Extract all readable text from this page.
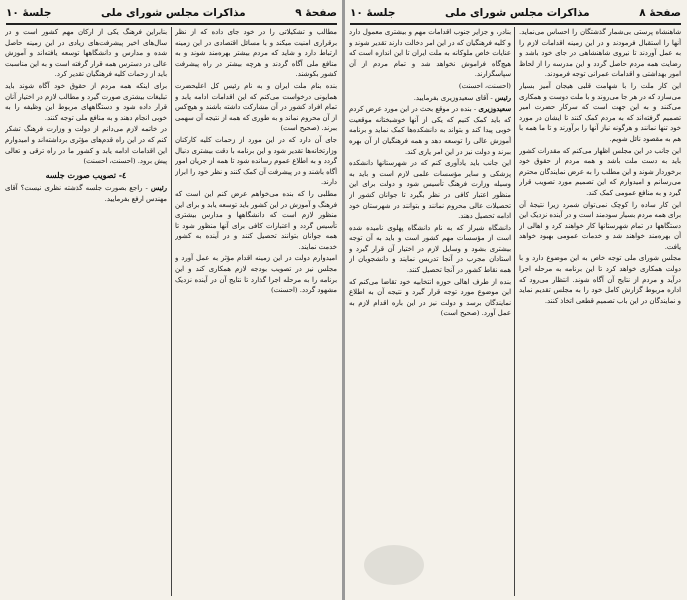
صفحهٔ ۹
مذاکرات مجلس شورای ملی
جلسهٔ ۱۰

مطالب و تشکیلاتی را در خود جای داده که از نظر برقراری امنیت میکند و با مسائل اقتصادی در این زمینه ارتباط دارد و شاید که مردم بیشتر بهره‌مند شوند و به منافع ملی آگاه گردند و هرچه بیشتر در راه پیشرفت کشور بکوشند.

بنده بنام ملت ایران و به نام رئیس کل اعلیحضرت همایونی درخواست می‌کنم که این اقدامات ادامه یابد و تمام افراد کشور در آن مشارکت داشته باشند و هیچ‌کس از آن محروم نماند و به طوری که همه از نتیجه آن سهمی ببرند. (صحیح است)

جای آن دارد که در این مورد از زحمات کلیه کارکنان وزارتخانه‌ها تقدیر شود و این برنامه با دقت بیشتری دنبال گردد و به اطلاع عموم رسانده شود تا همه از جریان امور آگاه باشند و در پیشرفت آن کمک کنند و نظر خود را ابراز دارند.

مطلبی را که بنده می‌خواهم عرض کنم این است که فرهنگ و آموزش در این کشور باید توسعه یابد و برای این منظور لازم است که دانشگاهها و مدارس بیشتری تأسیس گردد و اعتبارات کافی برای آنها منظور شود تا همه جوانان بتوانند تحصیل کنند و در آینده به کشور خدمت نمایند.

امیدوارم دولت در این زمینه اقدام مؤثر به عمل آورد و مجلس نیز در تصویب بودجه لازم همکاری کند و این برنامه را به مرحله اجرا گذارد تا نتایج آن در آینده نزدیک مشهود گردد. (احسنت)

بنابراین فرهنگ یکی از ارکان مهم کشور است و در سال‌های اخیر پیشرفت‌های زیادی در این زمینه حاصل شده و مدارس و دانشگاهها توسعه یافته‌اند و آموزش عالی در دسترس همه قرار گرفته است و به این مناسبت باید از زحمات کلیه فرهنگیان تقدیر کرد.

برای اینکه همه مردم از حقوق خود آگاه شوند باید تبلیغات بیشتری صورت گیرد و مطالب لازم در اختیار آنان قرار داده شود و دستگاههای مربوط این وظیفه را به خوبی انجام دهند و به منافع ملی توجه کنند.

در خاتمه لازم می‌دانم از دولت و وزارت فرهنگ تشکر کنم که در این راه قدم‌های مؤثری برداشته‌اند و امیدوارم این اقدامات ادامه یابد و کشور ما در راه ترقی و تعالی پیش برود. (احسنت، احسنت)

٤- تصویب صورت جلسه

رئیس - راجع بصورت جلسه گذشته نظری نیست؟ آقای مهندس ارفع بفرمایید.

صفحهٔ ۸
مذاکرات مجلس شورای ملی
جلسهٔ ۱۰

شاهنشاه پرستی بی‌شمار گذشتگان را احساس می‌نماید. آنها را استقبال فرمودند و در این زمینه اقدامات لازم را به عمل آوردند تا نیروی شاهنشاهی در جای خود باشد و رضایت همه مردم حاصل گردد و این مدرسه را از لحاظ امور بهداشتی و اقدامات عمرانی توجه فرمودند.

این کار ملت را با شهامت قلبی هیجان آمیز بسیار می‌سازد که در هر جا می‌روند و با ملت دوست و همکاری می‌کنند و به این جهت است که سرکار حضرت امیر تصمیم گرفته‌اند که به مردم کمک کنند تا ایشان در مورد خود تنها نمانند و هرگونه نیاز آنها را برآورند و تا ما همه با هم به مقصود نائل شویم.

این جانب در این مجلس اظهار می‌کنم که مقدرات کشور باید به دست ملت باشد و همه مردم از حقوق خود برخوردار شوند و این مطلب را به عرض نمایندگان محترم می‌رسانم و امیدوارم که این تصمیم مورد تصویب قرار گیرد و به منافع عمومی کمک کند.

این کار ساده را کوچک نمی‌توان شمرد زیرا نتیجهٔ آن برای همه مردم بسیار سودمند است و در آینده نزدیک این دستگاهها در تمام شهرستانها کار خواهند کرد و اهالی از آن بهره‌مند خواهند شد و خدمات عمومی بهبود خواهد یافت.

مجلس شورای ملی توجه خاص به این موضوع دارد و با دولت همکاری خواهد کرد تا این برنامه به مرحله اجرا درآید و مردم از نتایج آن آگاه شوند. انتظار می‌رود که اداره مربوط گزارش کامل خود را به مجلس تقدیم نماید و نمایندگان در این باب تصمیم قطعی اتخاذ کنند.

بنادر، و جزایر جنوب اقدامات مهم و بیشتری معمول دارد و کلیه فرهنگیان که در این امر دخالت دارند تقدیر شوند و عنایات خاص ملوکانه به ملت ایران تا این اندازه است که هیچ‌گاه فراموش نخواهد شد و تمام مردم از آن سپاسگزارند.

(احسنت، احسنت)

رئیس - آقای سعیدوزیری بفرمایید.

سعیدوزیری - بنده در موقع بحث در این مورد عرض کردم که باید کمک کنیم که یکی از آنها خوشبختانه موقعیت خوبی پیدا کند و بتواند به دانشکده‌ها کمک نماید و برنامه آموزش عالی را توسعه دهد و همه فرهنگیان از آن بهره ببرند و دولت نیز در این امر یاری کند.

این جانب باید یادآوری کنم که در شهرستانها دانشکده پزشکی و سایر مؤسسات علمی لازم است و باید به وسیله وزارت فرهنگ تأسیس شود و دولت برای این منظور اعتبار کافی در نظر بگیرد تا جوانان کشور از تحصیلات عالی محروم نمانند و بتوانند در شهرستان خود ادامه تحصیل دهند.

دانشگاه شیراز که به نام دانشگاه پهلوی نامیده شده است از مؤسسات مهم کشور است و باید به آن توجه بیشتری بشود و وسایل لازم در اختیار آن قرار گیرد و استادان مجرب در آنجا تدریس نمایند و دانشجویان از همه نقاط کشور در آنجا تحصیل کنند.

بنده از طرف اهالی حوزه انتخابیه خود تقاضا می‌کنم که این موضوع مورد توجه قرار گیرد و نتیجه آن به اطلاع نمایندگان برسد و دولت نیز در این باره اقدام لازم به عمل آورد. (صحیح است)
